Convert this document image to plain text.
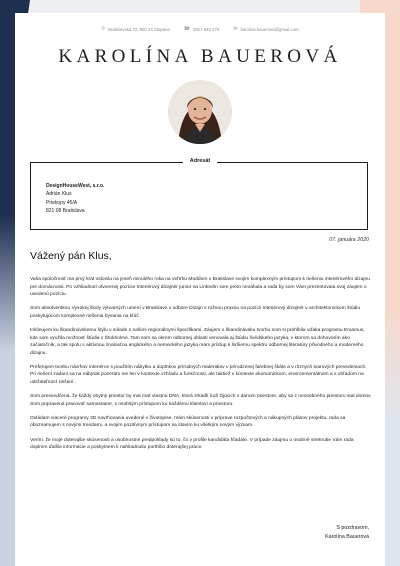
⚲ Bratislavská 72, 900 23 Stupava	☎ 0917 645 475	✉ karolina.bauerova@gmail.com
KAROLÍNA BAUEROVÁ
Adresát
DesignHouseWest, s.r.o.
Adrián Klus
Priekopy 45/A
821 08 Bratislava
07. januára 2020
Vážený pán Klus,

Vaša spoločnosť ma prvý krát oslovila na jeseň minulého roka na veľtrhu Moddom v Bratislave svojim komplexným prístupom k riešeniu interiérového dizajnu pre domácnosti. Po vzhliadnutí otvorenej pozície Interiérový dizajnér junior na LinkedIn som preto neváhala a rada by som Vám prezentovala svoj záujem o uvedenú pozíciu.

Som absolventkou Vysokej školy výtvarných umení v Bratislave v odbore Dizajn s rožnou praxou na pozícii Interiérový dizajnér v architektonickom štúdiu poskytujúcom komplexné riešenia bývania na kľúč.

Inklinujem ku škandinávskemu štýlu v súlade s našimi regionálnymi špecifikami. Záujem o škandinávsku tvorbu som si prehĺbila vďaka programu Erasmus, kde som využila možnosť štúdia v Štokholme. Tam som sa okrem odbornej oblasti venovala aj štúdiu švédskeho jazyka, v ktorom sa dohovorím ako začiatočník, a tak spolu s aktívnou znalosťou anglického a nemeckého jazyka mám prístup k širšiemu spektru odbornej literatúry pôvodného a moderného dizajnu.

Preferujem tvorbu návrhov interiérov s použitím nábytku a doplnkov prírodných materiálov v prirodzenej farebnej škále a v rôznych tvarových prevedeniach. Pri riešení zadaní sa na nábytok pozerám nie len v kontexte vzhľadu a funkčnosti, ale taktiež v kontexte ekonomickom, environmentálnom a s ohľadom na udržateľnosť riešení.

Som presvedčená, že každý obytný priestor by mal mať vlastnú DNA, ktorá zrkadlí ľudí žijúcich v danom priestore, aby sa z neosobného priestoru stal domov. Som pripravená pracovať samostatne, s osobitým prístupom ku každému klientovi a priestoru.

Ovládam viaceré programy 3D navrhovania uvedené v životopise, mám skúsenosti v príprave rozpočtových a nákupných plánov projektu, rada sa oboznamujem s novými trendami, a svojim pozitívnym prístupom sa stavím ku všetkým novým výzvam.

Verím, že moje doterajšie skúsenosti a osobnostné predpoklady sú to, čo v profile kandidáta hľadáte. V prípade záujmu o osobné stretnutie Vám rada doplním ďalšie informácie a poskytnem k nahliadnutiu portfólio doterajšej práce.

S pozdravom,
Karolína Bauerová
